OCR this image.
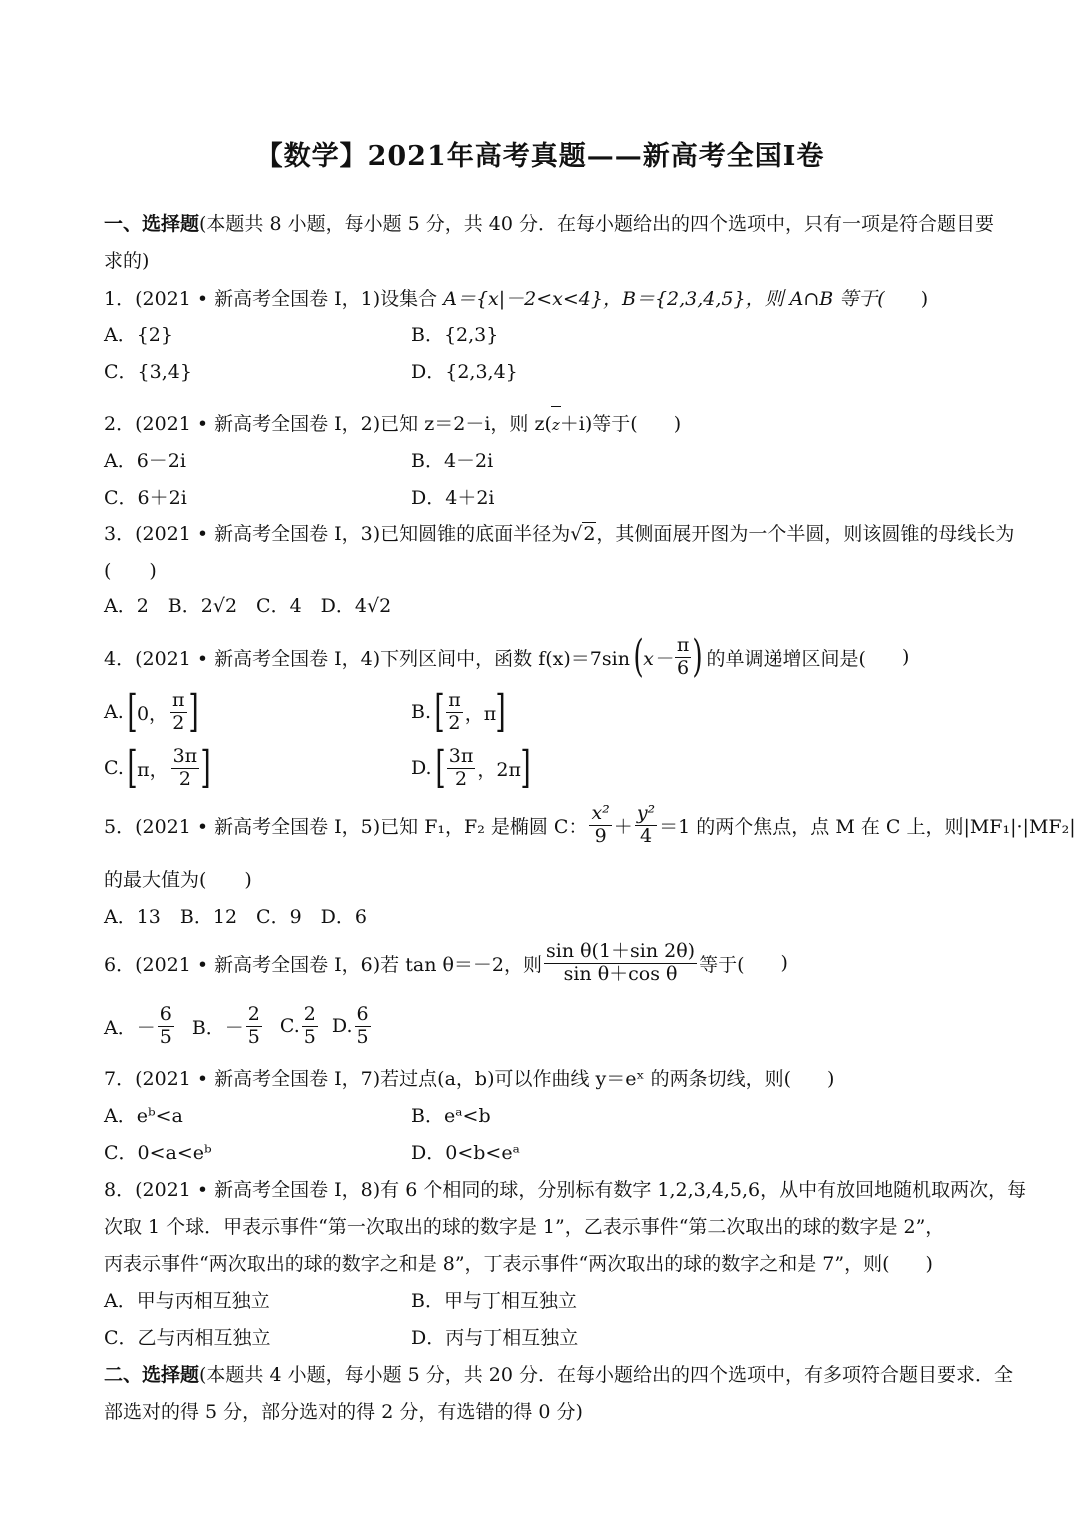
【数学】2021年高考真题——新高考全国Ⅰ卷
一、选择题(本题共 8 小题，每小题 5 分，共 40 分．在每小题给出的四个选项中，只有一项是符合题目要
求的)
1．(2021 • 新高考全国卷 I，1)设集合 A＝{x|－2<x<4}，B＝{2,3,4,5}，则 A∩B 等于( )
A．{2}	B．{2,3}
C．{3,4}	D．{2,3,4}
2．(2021 • 新高考全国卷 I，2)已知 z＝2－i，则 z(z＋i)等于( )
A．6－2i	B．4－2i
C．6＋2i	D．4＋2i
3．(2021 • 新高考全国卷 I，3)已知圆锥的底面半径为√2，其侧面展开图为一个半圆，则该圆锥的母线长为
(　　)
A．2　B．2√2　C．4　D．4√2
4．(2021 • 新高考全国卷 I，4)下列区间中，函数 f(x)＝7sin ( $x- \frac{\pi}{6}$ ) 的单调递增区间是( )
A. [ 0， $\frac{\pi}{2}$ ]	B. [ $\frac{\pi}{2}$ ，π ]
C. [ π， $\frac{3\pi}{2}$ ]	D. [ $\frac{3\pi}{2}$ ，2π ]
5．(2021 • 新高考全国卷 I，5)已知 F₁，F₂ 是椭圆 C： $\frac{\text{x²}}{9} + \frac{\text{y²}}{4} =1$ 的两个焦点，点 M 在 C 上，则|MF₁|·|MF₂|
的最大值为(　　)
A．13　B．12　C．9　D．6
6．(2021 • 新高考全国卷 I，6)若 tan θ＝－2，则 $\frac{\text{sin θ(1＋sin 2θ)}}{\text{sin θ＋cos θ}}$ 等于( )
A．－ $\frac{6}{5}$ B．－ $\frac{2}{5} C$. $\frac{2}{5} D$. $\frac{6}{5}$
7．(2021 • 新高考全国卷 I，7)若过点(a，b)可以作曲线 y＝eˣ 的两条切线，则( )
A．eᵇ<a	B．eᵃ<b
C．0<a<eᵇ	D．0<b<eᵃ
8．(2021 • 新高考全国卷 I，8)有 6 个相同的球，分别标有数字 1,2,3,4,5,6，从中有放回地随机取两次，每
次取 1 个球．甲表示事件“第一次取出的球的数字是 1”，乙表示事件“第二次取出的球的数字是 2”，
丙表示事件“两次取出的球的数字之和是 8”，丁表示事件“两次取出的球的数字之和是 7”，则( )
A．甲与丙相互独立	B．甲与丁相互独立
C．乙与丙相互独立	D．丙与丁相互独立
二、选择题(本题共 4 小题，每小题 5 分，共 20 分．在每小题给出的四个选项中，有多项符合题目要求．全
部选对的得 5 分，部分选对的得 2 分，有选错的得 0 分)
